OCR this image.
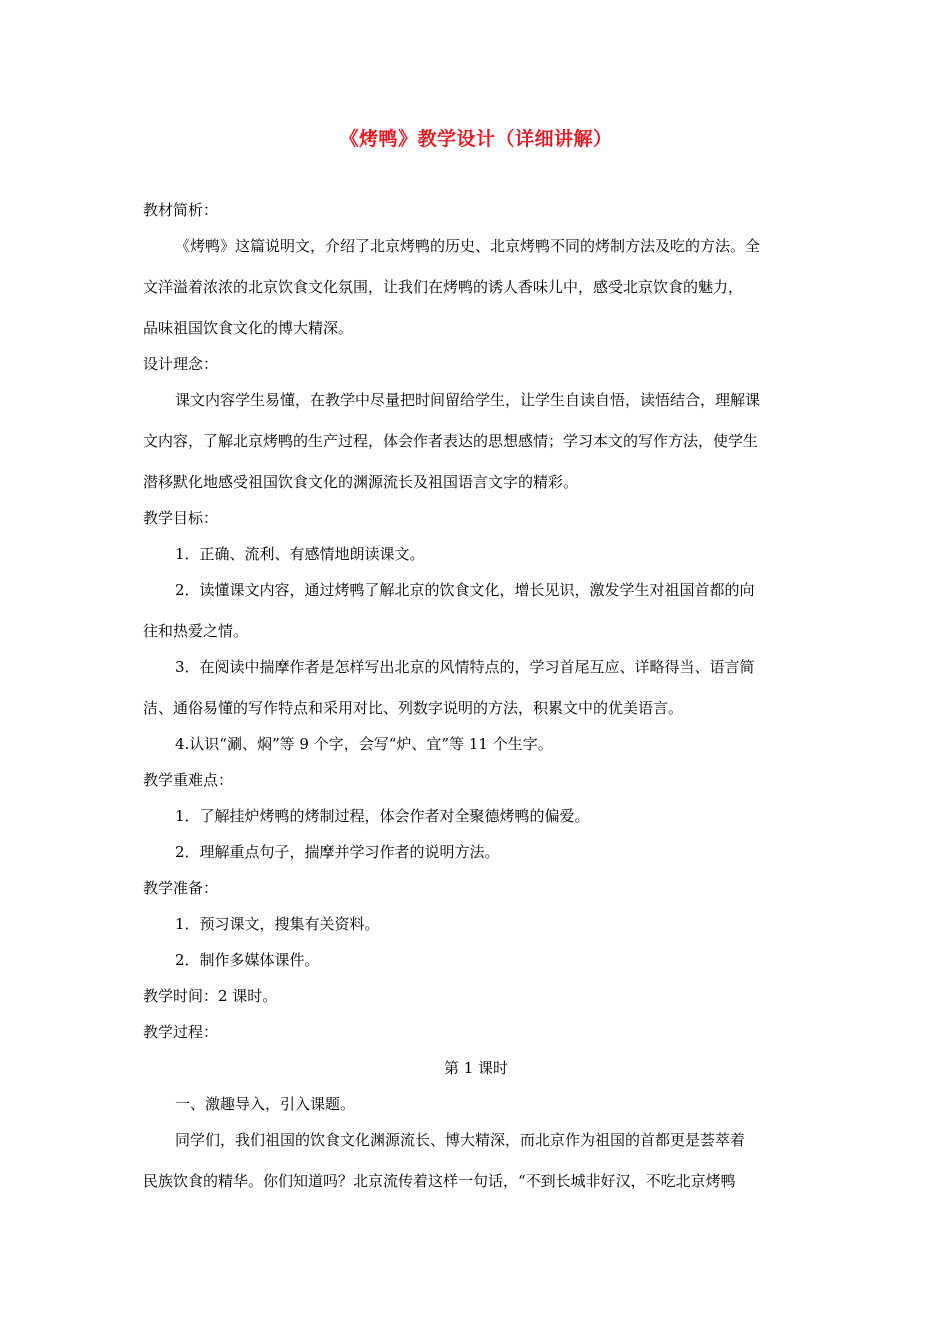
《烤鸭》教学设计（详细讲解）
教材简析：
《烤鸭》这篇说明文，介绍了北京烤鸭的历史、北京烤鸭不同的烤制方法及吃的方法。全
文洋溢着浓浓的北京饮食文化氛围，让我们在烤鸭的诱人香味儿中，感受北京饮食的魅力，
品味祖国饮食文化的博大精深。
设计理念：
课文内容学生易懂，在教学中尽量把时间留给学生，让学生自读自悟，读悟结合，理解课
文内容，了解北京烤鸭的生产过程，体会作者表达的思想感情；学习本文的写作方法，使学生
潜移默化地感受祖国饮食文化的渊源流长及祖国语言文字的精彩。
教学目标：
1．正确、流利、有感情地朗读课文。
2．读懂课文内容，通过烤鸭了解北京的饮食文化，增长见识，激发学生对祖国首都的向
往和热爱之情。
3．在阅读中揣摩作者是怎样写出北京的风情特点的，学习首尾互应、详略得当、语言简
洁、通俗易懂的写作特点和采用对比、列数字说明的方法，积累文中的优美语言。
4.认识“涮、焖”等 9 个字，会写“炉、宜”等 11 个生字。
教学重难点：
1．了解挂炉烤鸭的烤制过程，体会作者对全聚德烤鸭的偏爱。
2．理解重点句子，揣摩并学习作者的说明方法。
教学准备：
1．预习课文，搜集有关资料。
2．制作多媒体课件。
教学时间：2 课时。
教学过程：
第 1 课时
一、激趣导入，引入课题。
同学们，我们祖国的饮食文化渊源流长、博大精深，而北京作为祖国的首都更是荟萃着
民族饮食的精华。你们知道吗？北京流传着这样一句话，“不到长城非好汉，不吃北京烤鸭
